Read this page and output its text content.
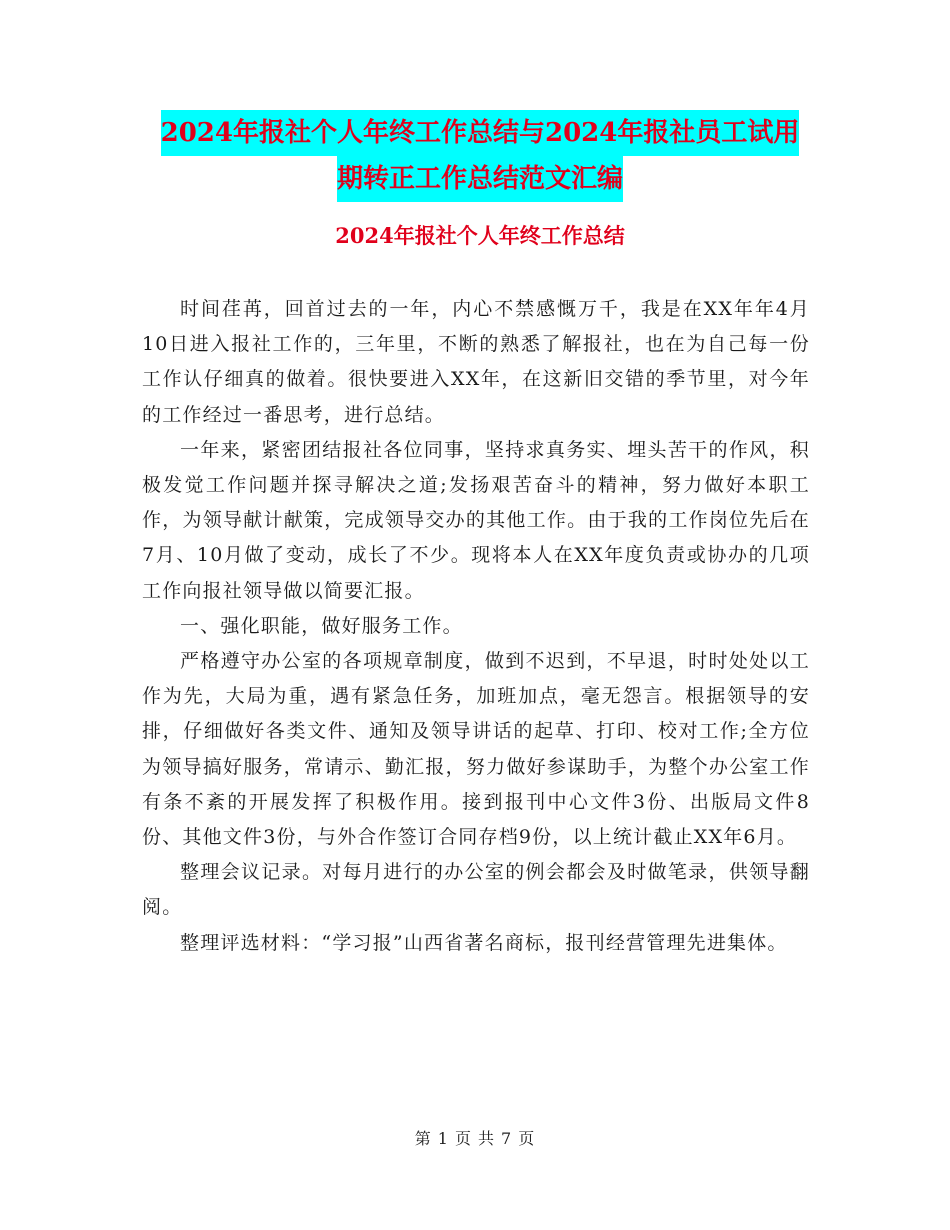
2024年报社个人年终工作总结与2024年报社员工试用
期转正工作总结范文汇编
2024年报社个人年终工作总结

时间荏苒，回首过去的一年，内心不禁感慨万千，我是在XX年年4月10日进入报社工作的，三年里，不断的熟悉了解报社，也在为自己每一份工作认仔细真的做着。很快要进入XX年，在这新旧交错的季节里，对今年的工作经过一番思考，进行总结。

一年来，紧密团结报社各位同事，坚持求真务实、埋头苦干的作风，积极发觉工作问题并探寻解决之道;发扬艰苦奋斗的精神，努力做好本职工作，为领导献计献策，完成领导交办的其他工作。由于我的工作岗位先后在7月、10月做了变动，成长了不少。现将本人在XX年度负责或协办的几项工作向报社领导做以简要汇报。

一、强化职能，做好服务工作。

严格遵守办公室的各项规章制度，做到不迟到，不早退，时时处处以工作为先，大局为重，遇有紧急任务，加班加点，毫无怨言。根据领导的安排，仔细做好各类文件、通知及领导讲话的起草、打印、校对工作;全方位为领导搞好服务，常请示、勤汇报，努力做好参谋助手，为整个办公室工作有条不紊的开展发挥了积极作用。接到报刊中心文件3份、出版局文件8份、其他文件3份，与外合作签订合同存档9份，以上统计截止XX年6月。

整理会议记录。对每月进行的办公室的例会都会及时做笔录，供领导翻阅。

整理评选材料：“学习报”山西省著名商标，报刊经营管理先进集体。

第 1 页 共 7 页
